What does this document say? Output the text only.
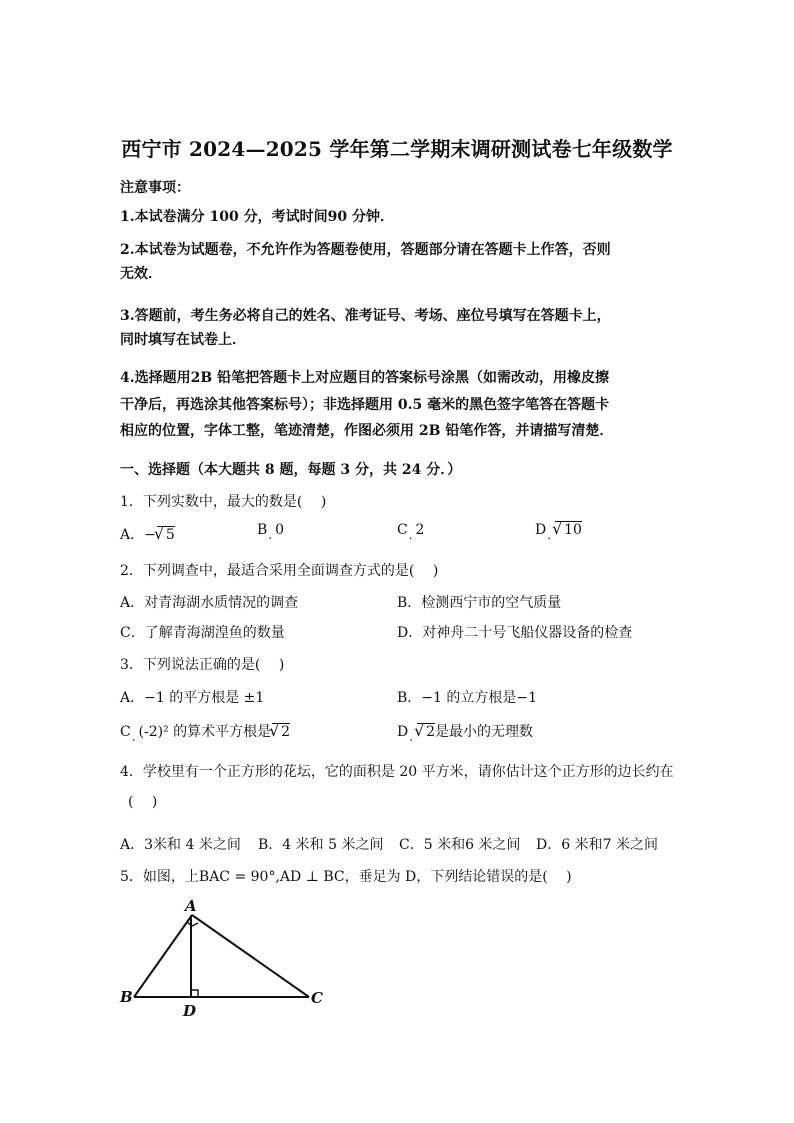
西宁市 2024—2025 学年第二学期末调研测试卷七年级数学
注意事项：
1.本试卷满分 100 分，考试时间90 分钟．
2.本试卷为试题卷，不允许作为答题卷使用，答题部分请在答题卡上作答，否则
无效．
3.答题前，考生务必将自己的姓名、准考证号、考场、座位号填写在答题卡上，
同时填写在试卷上．
4.选择题用2B 铅笔把答题卡上对应题目的答案标号涂黑（如需改动，用橡皮擦
干净后，再选涂其他答案标号）；非选择题用 0.5 毫米的黑色签字笔答在答题卡
相应的位置，字体工整，笔迹清楚，作图必须用 2B 铅笔作答，并请描写清楚．
一、选择题（本大题共 8 题，每题 3 分，共 24 分．）
1．下列实数中，最大的数是(　 )
A．− 5 √	B. 0	C. 2	D. 10 √
2．下列调查中，最适合采用全面调查方式的是(　 )
A．对青海湖水质情况的调查	B．检测西宁市的空气质量
C．了解青海湖湟鱼的数量	D．对神舟二十号飞船仪器设备的检查
3．下列说法正确的是(　 )
A．−1 的平方根是 ±1	B．−1 的立方根是−1
C. (-2)² 的算术平方根是 2 √	D. 2 √是最小的无理数
4．学校里有一个正方形的花坛，它的面积是 20 平方米，请你估计这个正方形的边长约在
(　 )
A．3米和 4 米之间 B．4 米和 5 米之间 C．5 米和6 米之间 D．6 米和7 米之间
5．如图，上BAC = 90°,AD ⊥ BC，垂足为 D，下列结论错误的是(　 )
A
B	C
D
